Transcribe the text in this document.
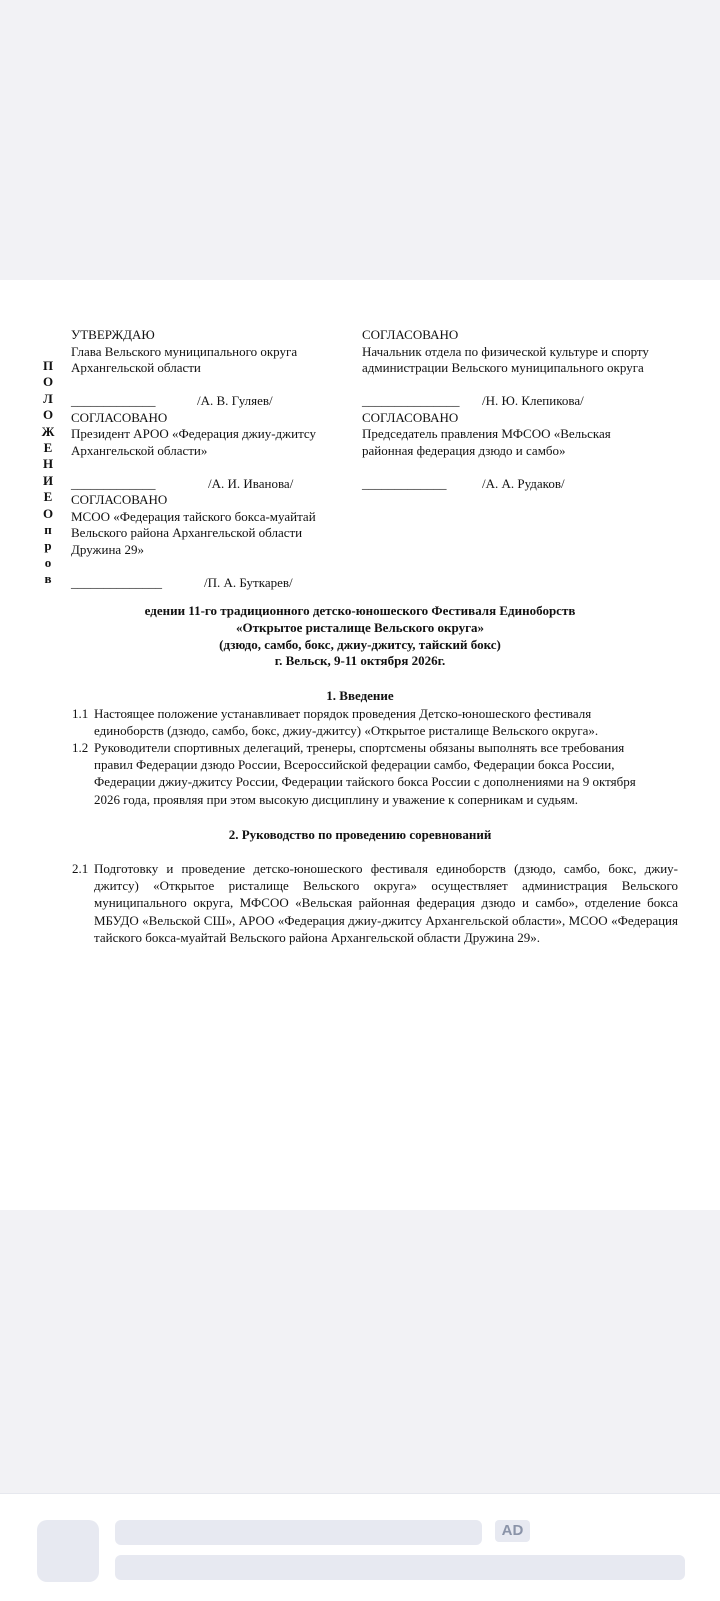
П
О
Л
О
Ж
Е
Н
И
Е
О
п
р
о
в
УТВЕРЖДАЮ
Глава Вельского муниципального округа
Архангельской области
_____________	/А. В. Гуляев/
СОГЛАСОВАНО
Президент АРОО «Федерация джиу-джитсу
Архангельской области»
_____________	/А. И. Иванова/
СОГЛАСОВАНО
МСОО «Федерация тайского бокса-муайтай
Вельского района Архангельской области
Дружина 29»
______________	/П. А. Буткарев/
СОГЛАСОВАНО
Начальник отдела по физической культуре и спорту
администрации Вельского муниципального округа
_______________	/Н. Ю. Клепикова/
СОГЛАСОВАНО
Председатель правления МФСОО «Вельская
районная федерация дзюдо и самбо»
_____________	/А. А. Рудаков/
едении 11-го традиционного детско-юношеского Фестиваля Единоборств
«Открытое ристалище Вельского округа»
(дзюдо, самбо, бокс, джиу-джитсу, тайский бокс)
г. Вельск, 9-11 октября 2026г.
1. Введение
1.1 Настоящее положение устанавливает порядок проведения Детско-юношеского фестиваля
единоборств (дзюдо, самбо, бокс, джиу-джитсу) «Открытое ристалище Вельского округа».
1.2 Руководители спортивных делегаций, тренеры, спортсмены обязаны выполнять все требования
правил Федерации дзюдо России, Всероссийской федерации самбо, Федерации бокса России,
Федерации джиу-джитсу России, Федерации тайского бокса России с дополнениями на 9 октября
2026 года, проявляя при этом высокую дисциплину и уважение к соперникам и судьям.
2. Руководство по проведению соревнований
2.1 Подготовку и проведение детско-юношеского фестиваля единоборств (дзюдо, самбо, бокс, джиу-джитсу) «Открытое ристалище Вельского округа» осуществляет администрация Вельского муниципального округа, МФСОО «Вельская районная федерация дзюдо и самбо», отделение бокса МБУДО «Вельской СШ», АРОО «Федерация джиу-джитсу Архангельской области», МСОО «Федерация тайского бокса-муайтай Вельского района Архангельской области Дружина 29».
AD
